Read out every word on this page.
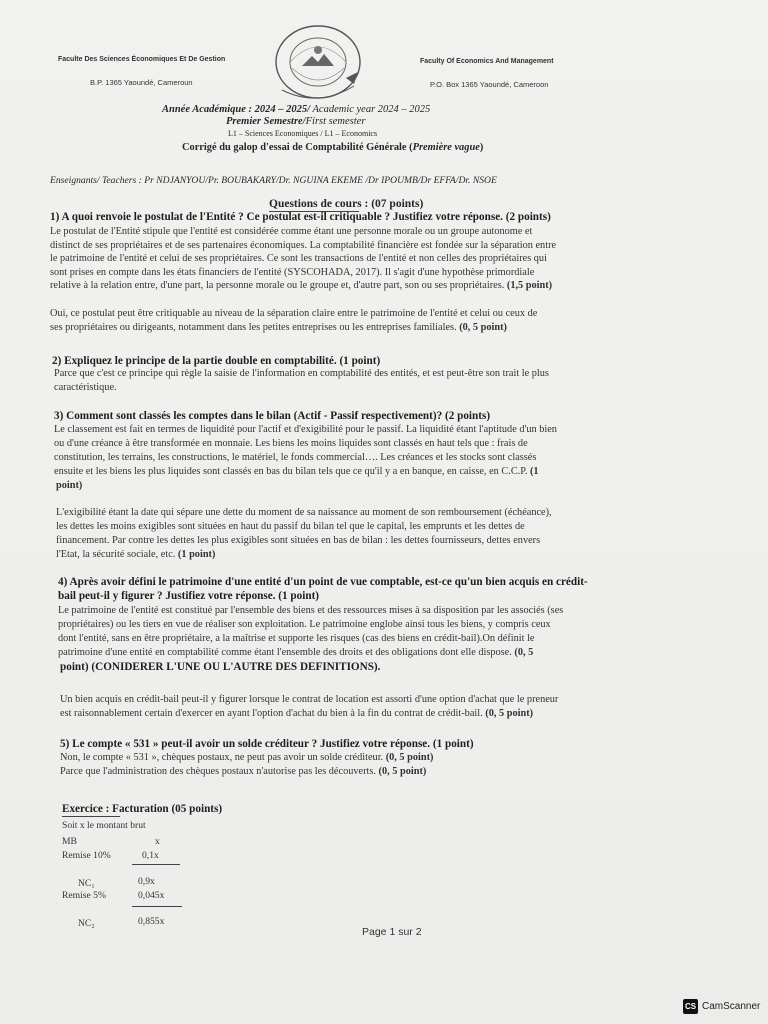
Faculte Des Sciences Économiques Et De Gestion
B.P. 1365 Yaoundé, Cameroun
Faculty Of Economics And Management
P.O. Box 1365 Yaoundé, Cameroon
Année Académique : 2024 – 2025/ Academic year 2024 – 2025
Premier Semestre/First semester
L1 – Sciences Economiques / L1 – Economics
Corrigé du galop d'essai de Comptabilité Générale (Première vague)
Enseignants/ Teachers : Pr NDJANYOU/Pr. BOUBAKARY/Dr. NGUINA EKEME /Dr IPOUMB/Dr EFFA/Dr. NSOE
Questions de cours : (07 points)
1) A quoi renvoie le postulat de l'Entité ? Ce postulat est-il critiquable ? Justifiez votre réponse. (2 points)
Le postulat de l'Entité stipule que l'entité est considérée comme étant une personne morale ou un groupe autonome et
distinct de ses propriétaires et de ses partenaires économiques. La comptabilité financière est fondée sur la séparation entre
le patrimoine de l'entité et celui de ses propriétaires. Ce sont les transactions de l'entité et non celles des propriétaires qui
sont prises en compte dans les états financiers de l'entité (SYSCOHADA, 2017). Il s'agit d'une hypothèse primordiale
relative à la relation entre, d'une part, la personne morale ou le groupe et, d'autre part, son ou ses propriétaires. (1,5 point)
Oui, ce postulat peut être critiquable au niveau de la séparation claire entre le patrimoine de l'entité et celui ou ceux de
ses propriétaires ou dirigeants, notamment dans les petites entreprises ou les entreprises familiales. (0, 5 point)
2) Expliquez le principe de la partie double en comptabilité. (1 point)
Parce que c'est ce principe qui règle la saisie de l'information en comptabilité des entités, et est peut-être son trait le plus
caractéristique.
3) Comment sont classés les comptes dans le bilan (Actif - Passif respectivement)? (2 points)
Le classement est fait en termes de liquidité pour l'actif et d'exigibilité pour le passif. La liquidité étant l'aptitude d'un bien
ou d'une créance à être transformée en monnaie. Les biens les moins liquides sont classés en haut tels que : frais de
constitution, les terrains, les constructions, le matériel, le fonds commercial…. Les créances et les stocks sont classés
ensuite et les biens les plus liquides sont classés en bas du bilan tels que ce qu'il y a en banque, en caisse, en C.C.P. (1
point)
L'exigibilité étant la date qui sépare une dette du moment de sa naissance au moment de son remboursement (échéance),
les dettes les moins exigibles sont situées en haut du passif du bilan tel que le capital, les emprunts et les dettes de
financement. Par contre les dettes les plus exigibles sont situées en bas de bilan : les dettes fournisseurs, dettes envers
l'Etat, la sécurité sociale, etc. (1 point)
4) Après avoir défini le patrimoine d'une entité d'un point de vue comptable, est-ce qu'un bien acquis en crédit-
bail peut-il y figurer ? Justifiez votre réponse. (1 point)
Le patrimoine de l'entité est constitué par l'ensemble des biens et des ressources mises à sa disposition par les associés (ses
propriétaires) ou les tiers en vue de réaliser son exploitation. Le patrimoine englobe ainsi tous les biens, y compris ceux
dont l'entité, sans en être propriétaire, a la maîtrise et supporte les risques (cas des biens en crédit-bail).On définit le
patrimoine d'une entité en comptabilité comme étant l'ensemble des droits et des obligations dont elle dispose. (0, 5
point) (CONIDERER L'UNE OU L'AUTRE DES DEFINITIONS).
Un bien acquis en crédit-bail peut-il y figurer lorsque le contrat de location est assorti d'une option d'achat que le preneur
est raisonnablement certain d'exercer en ayant l'option d'achat du bien à la fin du contrat de crédit-bail. (0, 5 point)
5) Le compte « 531 » peut-il avoir un solde créditeur ? Justifiez votre réponse. (1 point)
Non, le compte « 531 », chèques postaux, ne peut pas avoir un solde créditeur. (0, 5 point)
Parce que l'administration des chèques postaux n'autorise pas les découverts. (0, 5 point)
Exercice : Facturation (05 points)
Soit x le montant brut
MB	x
Remise 10%	0,1x
NC₁	0,9x
Remise 5%	0,045x
NC₂	0,855x
Page 1 sur 2
CS CamScanner
